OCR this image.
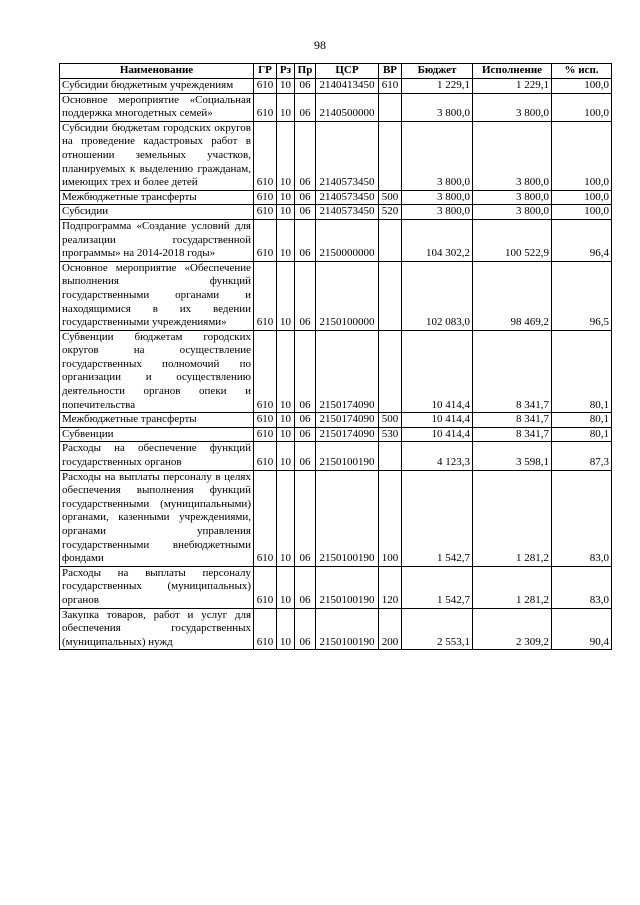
98
Наименование	ГР	Рз	Пр	ЦСР	ВР	Бюджет	Исполнение	% исп.
Субсидии бюджетным учреждениям	610	10	06	2140413450	610	1 229,1	1 229,1	100,0
Основное мероприятие «Социальная поддержка многодетных семей»	610	10	06	2140500000		3 800,0	3 800,0	100,0
Субсидии бюджетам городских округов на проведение кадастровых работ в отношении земельных участков, планируемых к выделению гражданам, имеющих трех и более детей	610	10	06	2140573450		3 800,0	3 800,0	100,0
Межбюджетные трансферты	610	10	06	2140573450	500	3 800,0	3 800,0	100,0
Субсидии	610	10	06	2140573450	520	3 800,0	3 800,0	100,0
Подпрограмма «Создание условий для реализации государственной программы» на 2014-2018 годы»	610	10	06	2150000000		104 302,2	100 522,9	96,4
Основное мероприятие «Обеспечение выполнения функций государственными органами и находящимися в их ведении государственными учреждениями»	610	10	06	2150100000		102 083,0	98 469,2	96,5
Субвенции бюджетам городских округов на осуществление государственных полномочий по организации и осуществлению деятельности органов опеки и попечительства	610	10	06	2150174090		10 414,4	8 341,7	80,1
Межбюджетные трансферты	610	10	06	2150174090	500	10 414,4	8 341,7	80,1
Субвенции	610	10	06	2150174090	530	10 414,4	8 341,7	80,1
Расходы на обеспечение функций государственных органов	610	10	06	2150100190		4 123,3	3 598,1	87,3
Расходы на выплаты персоналу в целях обеспечения выполнения функций государственными (муниципальными) органами, казенными учреждениями, органами управления государственными внебюджетными фондами	610	10	06	2150100190	100	1 542,7	1 281,2	83,0
Расходы на выплаты персоналу государственных (муниципальных) органов	610	10	06	2150100190	120	1 542,7	1 281,2	83,0
Закупка товаров, работ и услуг для обеспечения государственных (муниципальных) нужд	610	10	06	2150100190	200	2 553,1	2 309,2	90,4
